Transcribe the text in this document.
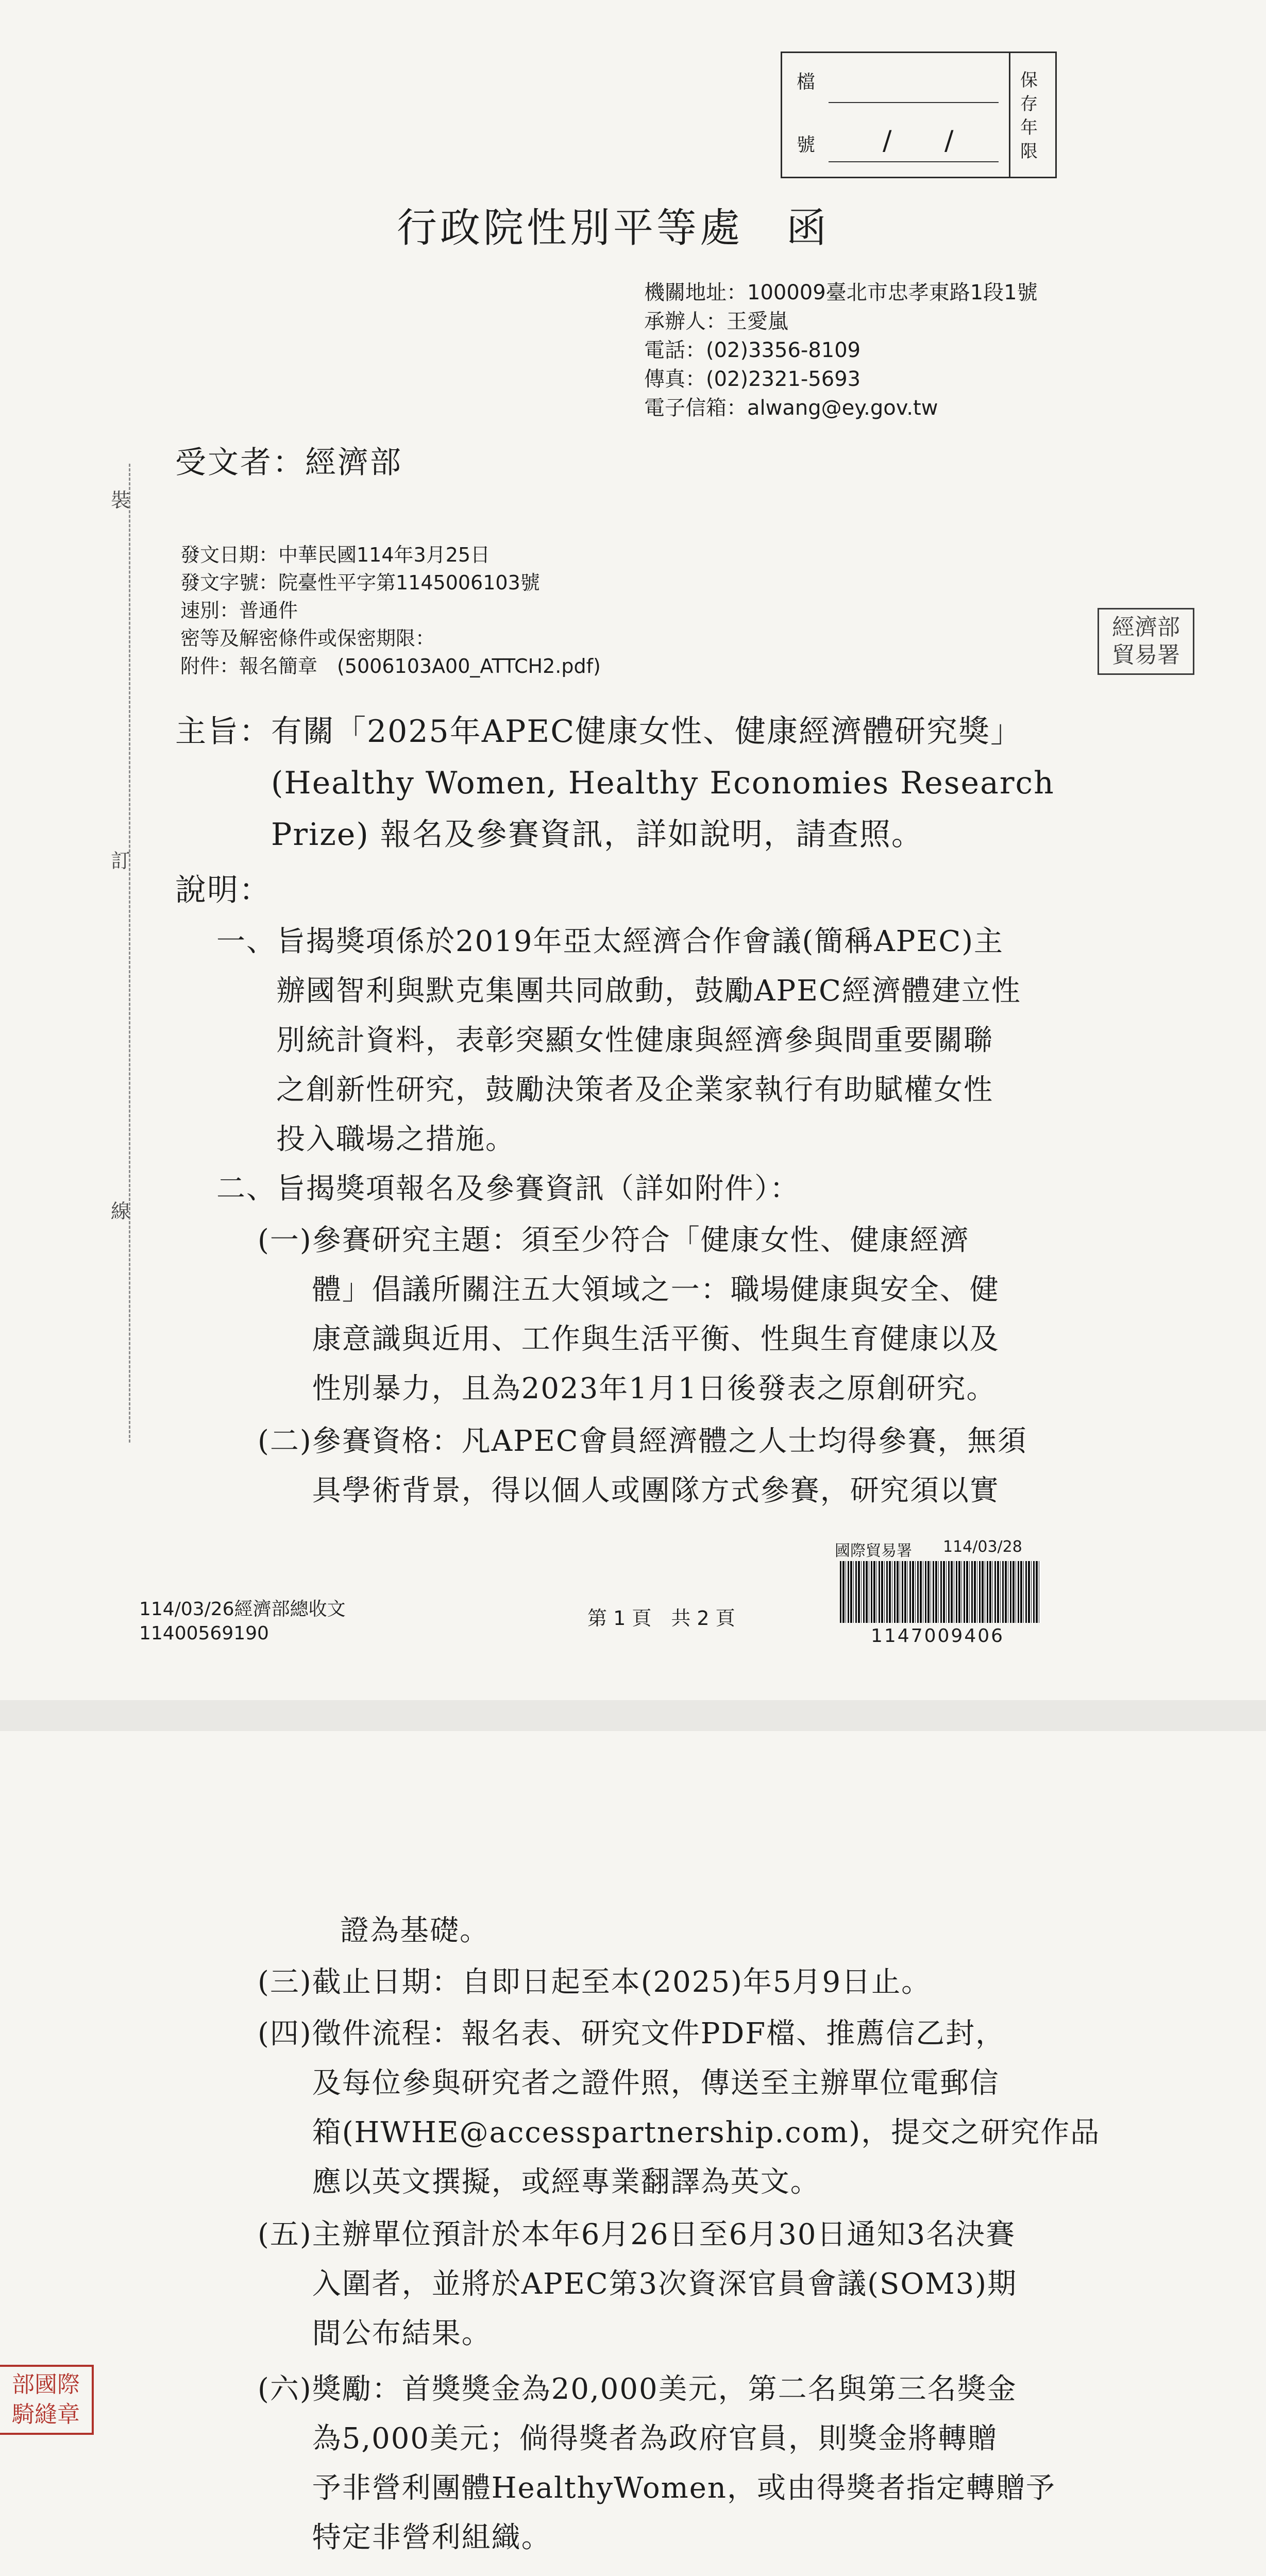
檔
號	/ /
保存年限
行政院性別平等處　函
機關地址：100009臺北市忠孝東路1段1號
承辦人：王愛嵐
電話：(02)3356-8109
傳真：(02)2321-5693
電子信箱：alwang@ey.gov.tw
受文者：經濟部
發文日期：中華民國114年3月25日
發文字號：院臺性平字第1145006103號
速別：普通件
密等及解密條件或保密期限：
附件：報名簡章　(5006103A00_ATTCH2.pdf)
經濟部 貿易署
裝
訂
線
主旨： 有關「2025年APEC健康女性、健康經濟體研究獎」

(Healthy Women, Healthy Economies Research

Prize) 報名及參賽資訊，詳如說明，請查照。

說明：
一、 旨揭獎項係於2019年亞太經濟合作會議(簡稱APEC)主

辦國智利與默克集團共同啟動，鼓勵APEC經濟體建立性

別統計資料，表彰突顯女性健康與經濟參與間重要關聯

之創新性研究，鼓勵決策者及企業家執行有助賦權女性

投入職場之措施。

二、 旨揭獎項報名及參賽資訊（詳如附件）：

(一) 參賽研究主題：須至少符合「健康女性、健康經濟

體」倡議所關注五大領域之一：職場健康與安全、健

康意識與近用、工作與生活平衡、性與生育健康以及

性別暴力，且為2023年1月1日後發表之原創研究。

(二) 參賽資格：凡APEC會員經濟體之人士均得參賽，無須

具學術背景，得以個人或團隊方式參賽，研究須以實

114/03/26經濟部總收文
11400569190
第 1 頁　共 2 頁
國際貿易署 114/03/28
1147009406
證為基礎。
(三) 截止日期：自即日起至本(2025)年5月9日止。

(四) 徵件流程：報名表、研究文件PDF檔、推薦信乙封，

及每位參與研究者之證件照，傳送至主辦單位電郵信

箱(HWHE@accesspartnership.com)，提交之研究作品

應以英文撰擬，或經專業翻譯為英文。

(五) 主辦單位預計於本年6月26日至6月30日通知3名決賽

入圍者，並將於APEC第3次資深官員會議(SOM3)期

間公布結果。

部國際 騎縫章
(六) 獎勵：首獎獎金為20,000美元，第二名與第三名獎金

為5,000美元；倘得獎者為政府官員，則獎金將轉贈

予非營利團體HealthyWomen，或由得獎者指定轉贈予

特定非營利組織。
